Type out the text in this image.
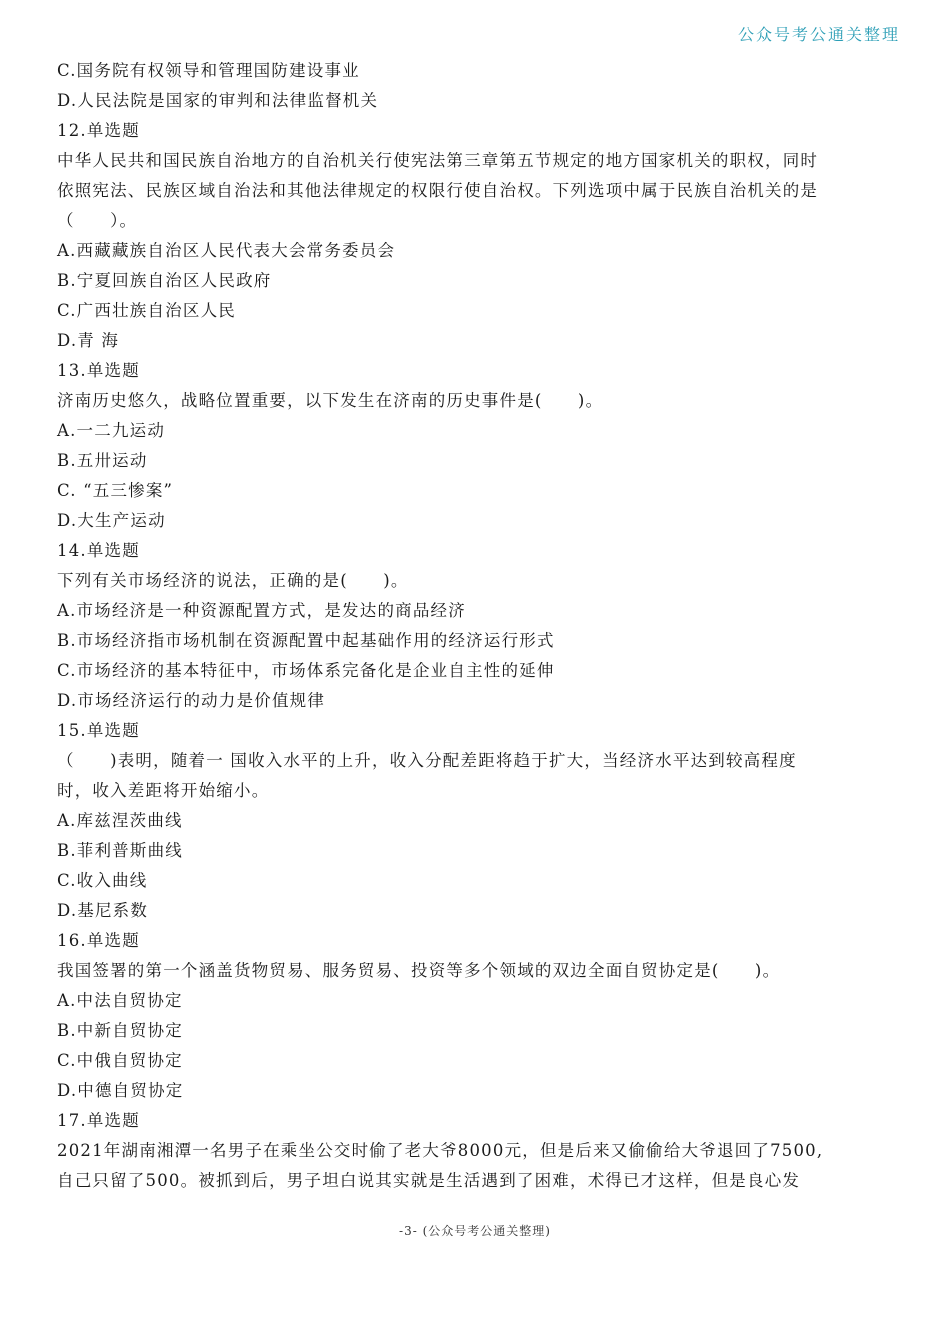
公众号考公通关整理
C.国务院有权领导和管理国防建设事业
D.人民法院是国家的审判和法律监督机关
12.单选题
中华人民共和国民族自治地方的自治机关行使宪法第三章第五节规定的地方国家机关的职权，同时
依照宪法、民族区域自治法和其他法律规定的权限行使自治权。下列选项中属于民族自治机关的是
（　　）。
A.西藏藏族自治区人民代表大会常务委员会
B.宁夏回族自治区人民政府
C.广西壮族自治区人民
D.青 海
13.单选题
济南历史悠久，战略位置重要，以下发生在济南的历史事件是(　　)。
A.一二九运动
B.五卅运动
C. “五三惨案”
D.大生产运动
14.单选题
下列有关市场经济的说法，正确的是(　　)。
A.市场经济是一种资源配置方式，是发达的商品经济
B.市场经济指市场机制在资源配置中起基础作用的经济运行形式
C.市场经济的基本特征中，市场体系完备化是企业自主性的延伸
D.市场经济运行的动力是价值规律
15.单选题
（　　)表明，随着一 国收入水平的上升，收入分配差距将趋于扩大，当经济水平达到较高程度
时，收入差距将开始缩小。
A.库兹涅茨曲线
B.菲利普斯曲线
C.收入曲线
D.基尼系数
16.单选题
我国签署的第一个涵盖货物贸易、服务贸易、投资等多个领域的双边全面自贸协定是(　　)。
A.中法自贸协定
B.中新自贸协定
C.中俄自贸协定
D.中德自贸协定
17.单选题
2021年湖南湘潭一名男子在乘坐公交时偷了老大爷8000元，但是后来又偷偷给大爷退回了7500,
自己只留了500。被抓到后，男子坦白说其实就是生活遇到了困难，术得已才这样，但是良心发
-3- (公众号考公通关整理)
